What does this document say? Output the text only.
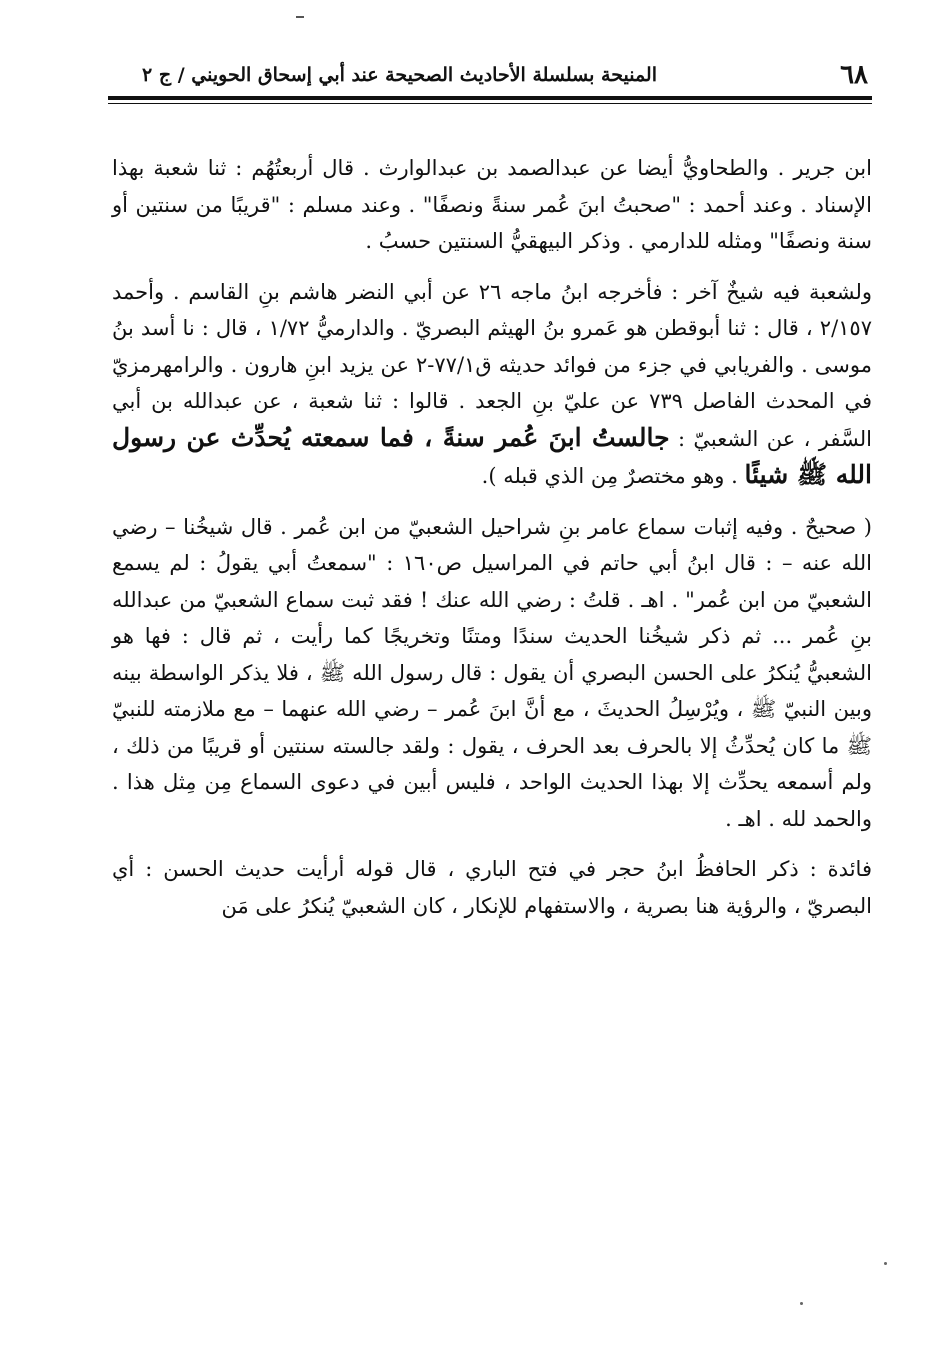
٦٨
المنيحة بسلسلة الأحاديث الصحيحة عند أبي إسحاق الحويني / ج ٢

ابن جرير . والطحاويُّ أيضا عن عبدالصمد بن عبدالوارث . قال أربعتُهُم : ثنا شعبة بهذا الإسناد . وعند أحمد : "صحبتُ ابنَ عُمر سنةً ونصفًا" . وعند مسلم : "قريبًا من سنتين أو سنة ونصفًا" ومثله للدارمي . وذكر البيهقيُّ السنتين حسبُ .

ولشعبة فيه شيخٌ آخر : فأخرجه ابنُ ماجه ٢٦ عن أبي النضر هاشم بنِ القاسم . وأحمد ٢/١٥٧ ، قال : ثنا أبوقطن هو عَمرو بنُ الهيثم البصريّ . والدارميُّ ١/٧٢ ، قال : نا أسد بنُ موسى . والفريابي في جزء من فوائد حديثه ق٧٧/١-٢ عن يزيد ابنِ هارون . والرامهرمزيّ في المحدث الفاصل ٧٣٩ عن عليّ بنِ الجعد . قالوا : ثنا شعبة ، عن عبدالله بن أبي السَّفر ، عن الشعبيّ : جالستُ ابنَ عُمر سنةً ، فما سمعته يُحدِّث عن رسول الله ﷺ شيئًا . وهو مختصرٌ مِن الذي قبله ).

( صحيحٌ . وفيه إثبات سماع عامر بنِ شراحيل الشعبيّ من ابن عُمر . قال شيخُنا – رضي الله عنه – : قال ابنُ أبي حاتم في المراسيل ص١٦٠ : "سمعتُ أبي يقولُ : لم يسمع الشعبيّ من ابن عُمر" . اهـ . قلتُ : رضي الله عنك ! فقد ثبت سماع الشعبيّ من عبدالله بنِ عُمر ... ثم ذكر شيخُنا الحديث سندًا ومتنًا وتخريجًا كما رأيت ، ثم قال : فها هو الشعبيُّ يُنكرُ على الحسن البصري أن يقول : قال رسول الله ﷺ ، فلا يذكر الواسطة بينه وبين النبيّ ﷺ ، ويُرْسِلُ الحديثَ ، مع أنَّ ابنَ عُمر – رضي الله عنهما – مع ملازمته للنبيّ ﷺ ما كان يُحدِّثُ إلا بالحرف بعد الحرف ، يقول : ولقد جالسته سنتين أو قريبًا من ذلك ، ولم أسمعه يحدِّث إلا بهذا الحديث الواحد ، فليس أبين في دعوى السماع مِن مِثل هذا . والحمد لله . اهـ .

فائدة : ذكر الحافظُ ابنُ حجر في فتح الباري ، قال قوله أرأيت حديث الحسن : أي البصريّ ، والرؤية هنا بصرية ، والاستفهام للإنكار ، كان الشعبيّ يُنكرُ على مَن
